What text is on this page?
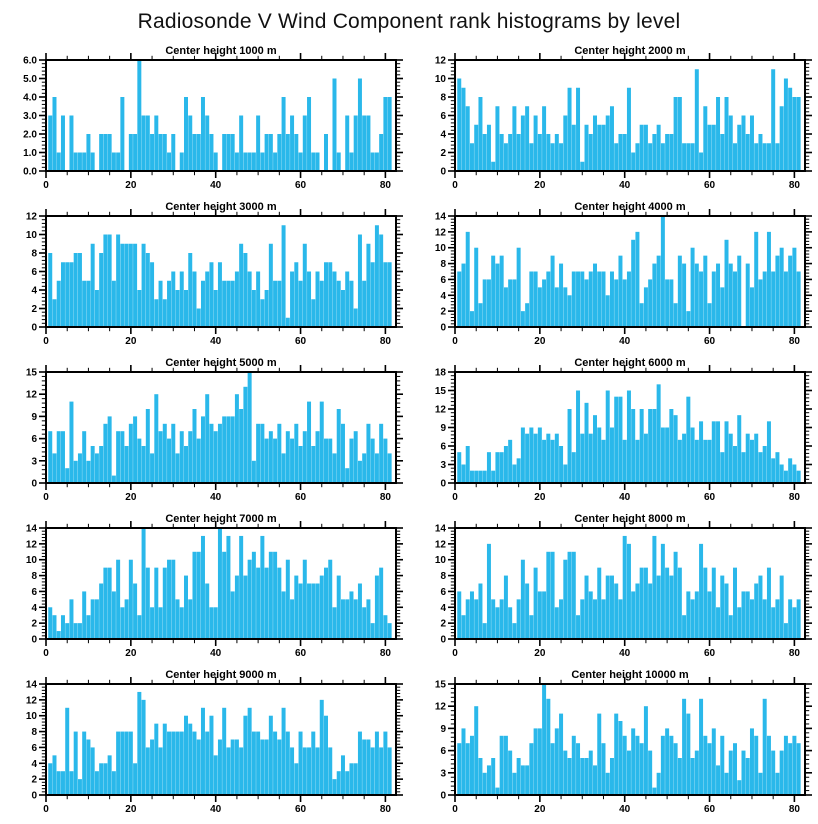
Radiosonde V Wind Component rank histograms by level
0	20	40	60	80
0.0
1.0
2.0
3.0
4.0
5.0
6.0
Center height 1000 m
0	20	40	60	80
0
2
4
6
8
10
12
Center height 2000 m
0	20	40	60	80
0
2
4
6
8
10
12
Center height 3000 m
0	20	40	60	80
0
2
4
6
8
10
12
14
Center height 4000 m
0	20	40	60	80
0
3
6
9
12
15
Center height 5000 m
0	20	40	60	80
0
3
6
9
12
15
18
Center height 6000 m
0	20	40	60	80
0
2
4
6
8
10
12
14
Center height 7000 m
0	20	40	60	80
0
2
4
6
8
10
12
14
Center height 8000 m
0	20	40	60	80
0
2
4
6
8
10
12
14
Center height 9000 m
0	20	40	60	80
0
3
6
9
12
15
Center height 10000 m
